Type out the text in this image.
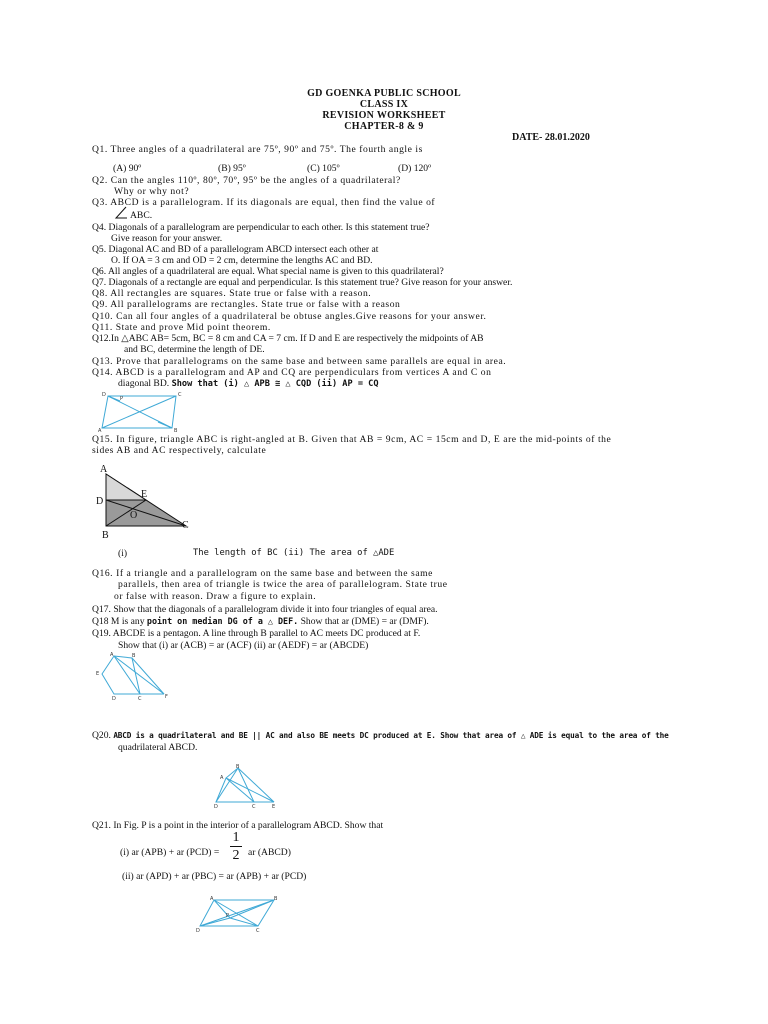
GD GOENKA PUBLIC SCHOOL
CLASS IX
REVISION WORKSHEET
CHAPTER-8 & 9
DATE- 28.01.2020
Q1. Three angles of a quadrilateral are 75º, 90º and 75º. The fourth angle is
(A) 90º	(B) 95º	(C) 105º	(D) 120º
Q2. Can the angles 110º, 80º, 70º, 95º be the angles of a quadrilateral?
Why or why not?
Q3. ABCD is a parallelogram. If its diagonals are equal, then find the value of
ABC.
Q4. Diagonals of a parallelogram are perpendicular to each other. Is this statement true?
Give reason for your answer.
Q5. Diagonal AC and BD of a parallelogram ABCD intersect each other at
O. If OA = 3 cm and OD = 2 cm, determine the lengths AC and BD.
Q6. All angles of a quadrilateral are equal. What special name is given to this quadrilateral?
Q7. Diagonals of a rectangle are equal and perpendicular. Is this statement true? Give reason for your answer.
Q8. All rectangles are squares. State true or false with a reason.
Q9. All parallelograms are rectangles. State true or false with a reason
Q10. Can all four angles of a quadrilateral be obtuse angles.Give reasons for your answer.
Q11. State and prove Mid point theorem.
Q12.In △ABC AB= 5cm, BC = 8 cm and CA = 7 cm. If D and E are respectively the midpoints of AB
and BC, determine the length of DE.
Q13. Prove that parallelograms on the same base and between same parallels are equal in area.
Q14. ABCD is a parallelogram and AP and CQ are perpendiculars from vertices A and C on
diagonal BD. Show that (i) △ APB ≅ △ CQD (ii) AP = CQ
D	C
A	B
P
Q15. In figure, triangle ABC is right-angled at B. Given that AB = 9cm, AC = 15cm and D, E are the mid-points of the
sides AB and AC respectively, calculate
A
D
E
O
C
B
(i)	The length of BC (ii) The area of △ADE
Q16. If a triangle and a parallelogram on the same base and between the same
parallels, then area of triangle is twice the area of parallelogram. State true
or false with reason. Draw a figure to explain.
Q17. Show that the diagonals of a parallelogram divide it into four triangles of equal area.
Q18 M is any point on median DG of a △ DEF. Show that ar (DME) = ar (DMF).
Q19. ABCDE is a pentagon. A line through B parallel to AC meets DC produced at F.
Show that (i) ar (ACB) = ar (ACF) (ii) ar (AEDF) = ar (ABCDE)
A	B
E
D	C	F
Q20. ABCD is a quadrilateral and BE || AC and also BE meets DC produced at E. Show that area of △ ADE is equal to the area of the
quadrilateral ABCD.
B
A
D	C	E
Q21. In Fig. P is a point in the interior of a parallelogram ABCD. Show that
(i) ar (APB) + ar (PCD) =
1
2 ar (ABCD)
(ii) ar (APD) + ar (PBC) = ar (APB) + ar (PCD)
A	B
D	C
P
